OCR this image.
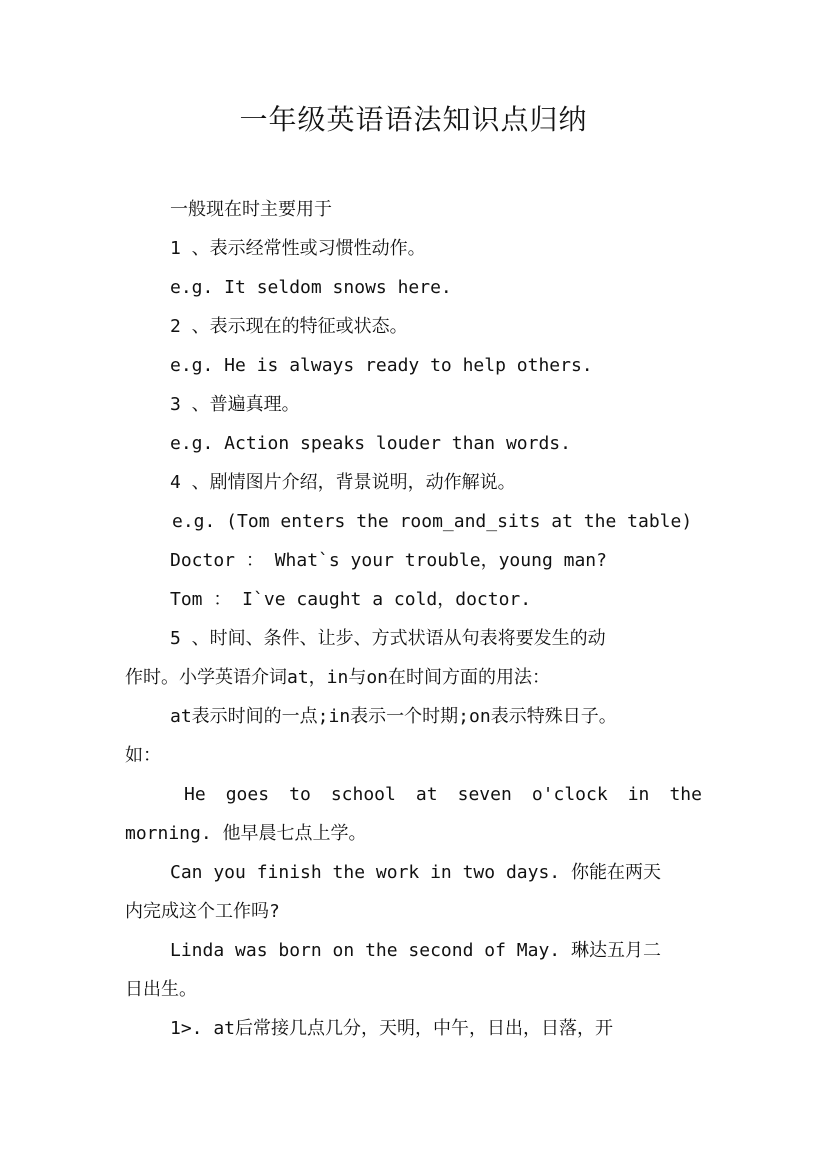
一年级英语语法知识点归纳
一般现在时主要用于
1 、表示经常性或习惯性动作。
e.g. It seldom snows here.
2 、表示现在的特征或状态。
e.g. He is always ready to help others.
3 、普遍真理。
e.g. Action speaks louder than words.
4 、剧情图片介绍，背景说明，动作解说。
e.g. (Tom enters the room_and_sits at the table)
Doctor ： What`s your trouble，young man?
Tom ： I`ve caught a cold，doctor.
5 、时间、条件、让步、方式状语从句表将要发生的动
作时。小学英语介词at，in与on在时间方面的用法：
at表示时间的一点;in表示一个时期;on表示特殊日子。
如：
He goes to school at seven o'clock in the
morning. 他早晨七点上学。
Can you finish the work in two days. 你能在两天
内完成这个工作吗?
Linda was born on the second of May. 琳达五月二
日出生。
1>. at后常接几点几分，天明，中午，日出，日落，开
